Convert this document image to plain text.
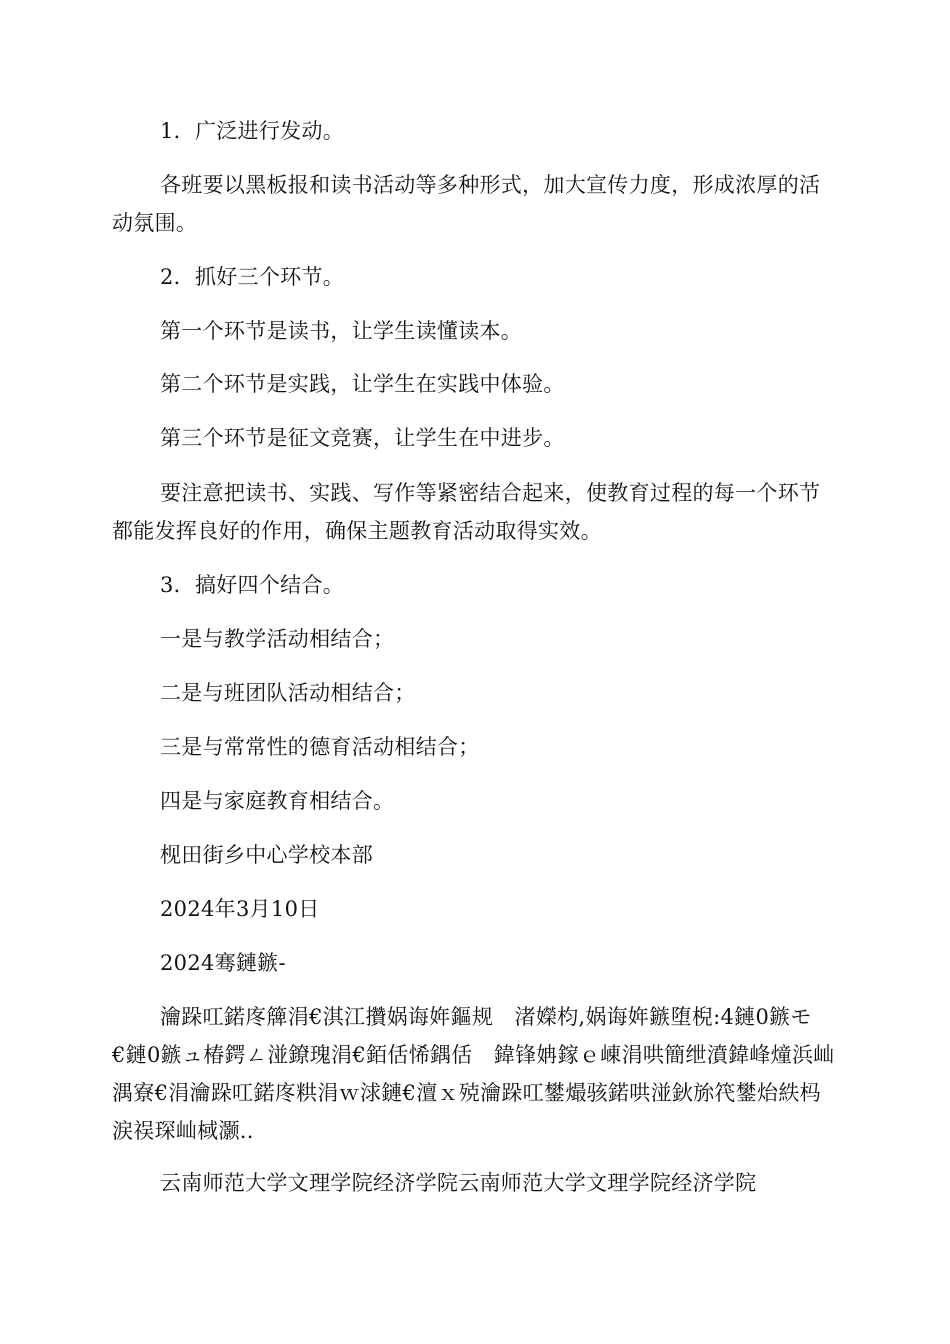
1．广泛进行发动。

各班要以黑板报和读书活动等多种形式，加大宣传力度，形成浓厚的活动氛围。

2．抓好三个环节。

第一个环节是读书，让学生读懂读本。

第二个环节是实践，让学生在实践中体验。

第三个环节是征文竞赛，让学生在中进步。

要注意把读书、实践、写作等紧密结合起来，使教育过程的每一个环节都能发挥良好的作用，确保主题教育活动取得实效。

3．搞好四个结合。

一是与教学活动相结合；

二是与班团队活动相结合；

三是与常常性的德育活动相结合；

四是与家庭教育相结合。

枧田街乡中心学校本部

2024年3月10日

2024骞鏈鏃-

瀹跺叿鍩庝簰涓€淇江攢娲诲姩鏂规　渚嬫枃,娲诲姩鏃堕棿:4鏈0鏃モ€鏈0鏃ュ椿鍔ㄥ湴鐐瑰涓€銆佸悕鍝佸　鍏锋姌鎵ｅ崠涓哄簡绁濆鍏峰燑浜屾湡寮€涓瀹跺叿鍩庝粠涓ｗ浗鏈€澶ｘ殑瀹跺叿鐢熶骇鍩哄湴鈥旀笩鐢炲紩杩涙祦琛屾棫灏..

云南师范大学文理学院经济学院云南师范大学文理学院经济学院
